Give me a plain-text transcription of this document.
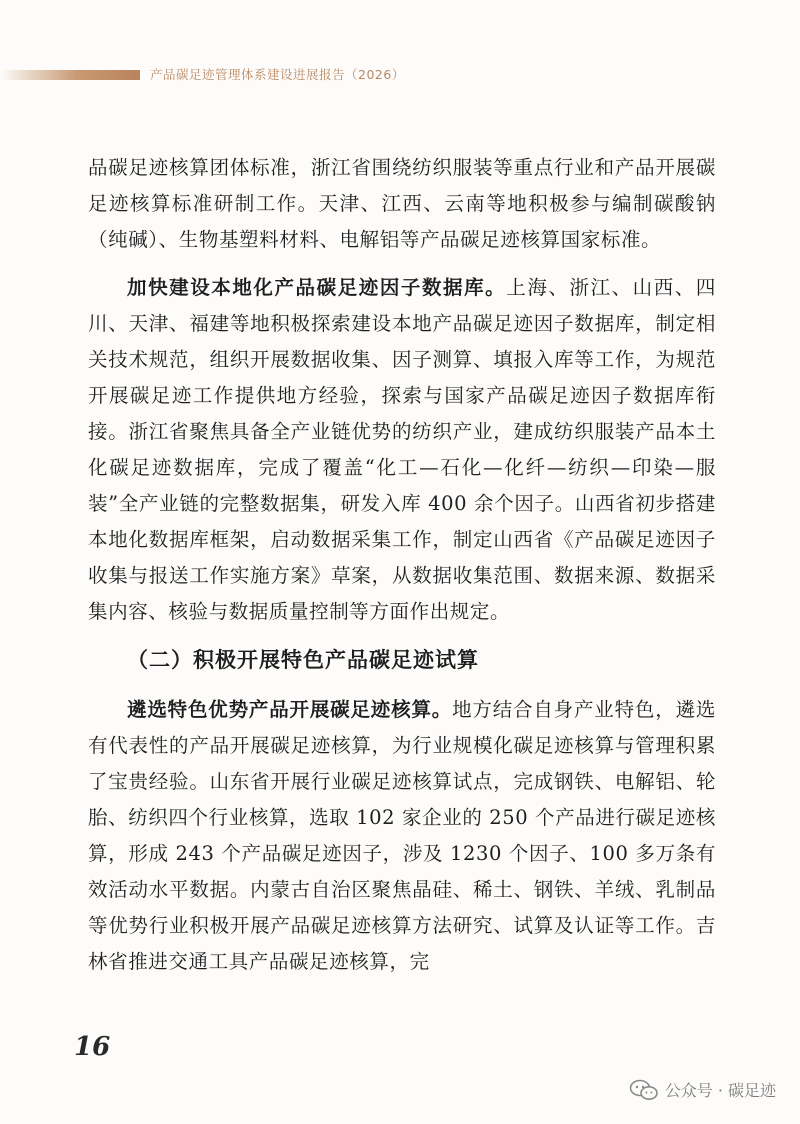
产品碳足迹管理体系建设进展报告（2026）

品碳足迹核算团体标准，浙江省围绕纺织服装等重点行业和产品开展碳足迹核算标准研制工作。天津、江西、云南等地积极参与编制碳酸钠（纯碱）、生物基塑料材料、电解铝等产品碳足迹核算国家标准。

加快建设本地化产品碳足迹因子数据库。上海、浙江、山西、四川、天津、福建等地积极探索建设本地产品碳足迹因子数据库，制定相关技术规范，组织开展数据收集、因子测算、填报入库等工作，为规范开展碳足迹工作提供地方经验，探索与国家产品碳足迹因子数据库衔接。浙江省聚焦具备全产业链优势的纺织产业，建成纺织服装产品本土化碳足迹数据库，完成了覆盖“化工—石化—化纤—纺织—印染—服装”全产业链的完整数据集，研发入库 400 余个因子。山西省初步搭建本地化数据库框架，启动数据采集工作，制定山西省《产品碳足迹因子收集与报送工作实施方案》草案，从数据收集范围、数据来源、数据采集内容、核验与数据质量控制等方面作出规定。

（二）积极开展特色产品碳足迹试算

遴选特色优势产品开展碳足迹核算。地方结合自身产业特色，遴选有代表性的产品开展碳足迹核算，为行业规模化碳足迹核算与管理积累了宝贵经验。山东省开展行业碳足迹核算试点，完成钢铁、电解铝、轮胎、纺织四个行业核算，选取 102 家企业的 250 个产品进行碳足迹核算，形成 243 个产品碳足迹因子，涉及 1230 个因子、100 多万条有效活动水平数据。内蒙古自治区聚焦晶硅、稀土、钢铁、羊绒、乳制品等优势行业积极开展产品碳足迹核算方法研究、试算及认证等工作。吉林省推进交通工具产品碳足迹核算，完

16
公众号 · 碳足迹
